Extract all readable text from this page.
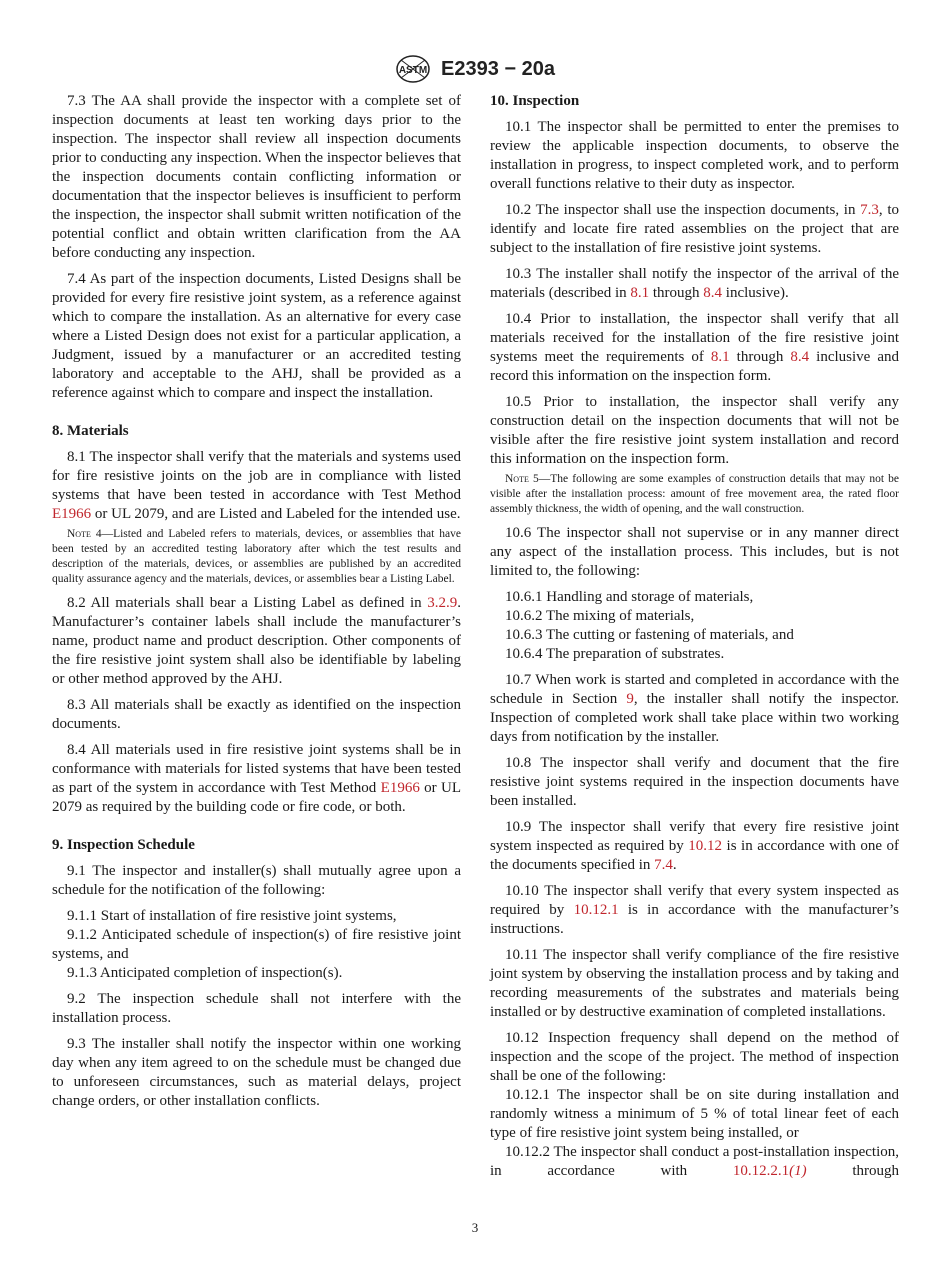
ASTM E2393 − 20a

7.3 The AA shall provide the inspector with a complete set of inspection documents at least ten working days prior to the inspection. The inspector shall review all inspection documents prior to conducting any inspection. When the inspector believes that the inspection documents contain conflicting information or documentation that the inspector believes is insufficient to perform the inspection, the inspector shall submit written notification of the potential conflict and obtain written clarification from the AA before conducting any inspection.

7.4 As part of the inspection documents, Listed Designs shall be provided for every fire resistive joint system, as a reference against which to compare the installation. As an alternative for every case where a Listed Design does not exist for a particular application, a Judgment, issued by a manufacturer or an accredited testing laboratory and acceptable to the AHJ, shall be provided as a reference against which to compare and inspect the installation.

8. Materials

8.1 The inspector shall verify that the materials and systems used for fire resistive joints on the job are in compliance with listed systems that have been tested in accordance with Test Method E1966 or UL 2079, and are Listed and Labeled for the intended use.

Note 4—Listed and Labeled refers to materials, devices, or assemblies that have been tested by an accredited testing laboratory after which the test results and description of the materials, devices, or assemblies are published by an accredited quality assurance agency and the materials, devices, or assemblies bear a Listing Label.

8.2 All materials shall bear a Listing Label as defined in 3.2.9. Manufacturer’s container labels shall include the manufacturer’s name, product name and product description. Other components of the fire resistive joint system shall also be identifiable by labeling or other method approved by the AHJ.

8.3 All materials shall be exactly as identified on the inspection documents.

8.4 All materials used in fire resistive joint systems shall be in conformance with materials for listed systems that have been tested as part of the system in accordance with Test Method E1966 or UL 2079 as required by the building code or fire code, or both.

9. Inspection Schedule

9.1 The inspector and installer(s) shall mutually agree upon a schedule for the notification of the following:

9.1.1 Start of installation of fire resistive joint systems,

9.1.2 Anticipated schedule of inspection(s) of fire resistive joint systems, and

9.1.3 Anticipated completion of inspection(s).

9.2 The inspection schedule shall not interfere with the installation process.

9.3 The installer shall notify the inspector within one working day when any item agreed to on the schedule must be changed due to unforeseen circumstances, such as material delays, project change orders, or other installation conflicts.

10. Inspection

10.1 The inspector shall be permitted to enter the premises to review the applicable inspection documents, to observe the installation in progress, to inspect completed work, and to perform overall functions relative to their duty as inspector.

10.2 The inspector shall use the inspection documents, in 7.3, to identify and locate fire rated assemblies on the project that are subject to the installation of fire resistive joint systems.

10.3 The installer shall notify the inspector of the arrival of the materials (described in 8.1 through 8.4 inclusive).

10.4 Prior to installation, the inspector shall verify that all materials received for the installation of the fire resistive joint systems meet the requirements of 8.1 through 8.4 inclusive and record this information on the inspection form.

10.5 Prior to installation, the inspector shall verify any construction detail on the inspection documents that will not be visible after the fire resistive joint system installation and record this information on the inspection form.

Note 5—The following are some examples of construction details that may not be visible after the installation process: amount of free movement area, the rated floor assembly thickness, the width of opening, and the wall construction.

10.6 The inspector shall not supervise or in any manner direct any aspect of the installation process. This includes, but is not limited to, the following:

10.6.1 Handling and storage of materials,

10.6.2 The mixing of materials,

10.6.3 The cutting or fastening of materials, and

10.6.4 The preparation of substrates.

10.7 When work is started and completed in accordance with the schedule in Section 9, the installer shall notify the inspector. Inspection of completed work shall take place within two working days from notification by the installer.

10.8 The inspector shall verify and document that the fire resistive joint systems required in the inspection documents have been installed.

10.9 The inspector shall verify that every fire resistive joint system inspected as required by 10.12 is in accordance with one of the documents specified in 7.4.

10.10 The inspector shall verify that every system inspected as required by 10.12.1 is in accordance with the manufacturer’s instructions.

10.11 The inspector shall verify compliance of the fire resistive joint system by observing the installation process and by taking and recording measurements of the substrates and materials being installed or by destructive examination of completed installations.

10.12 Inspection frequency shall depend on the method of inspection and the scope of the project. The method of inspection shall be one of the following:

10.12.1 The inspector shall be on site during installation and randomly witness a minimum of 5 % of total linear feet of each type of fire resistive joint system being installed, or

10.12.2 The inspector shall conduct a post-installation inspection, in accordance with 10.12.2.1(1) through

3
